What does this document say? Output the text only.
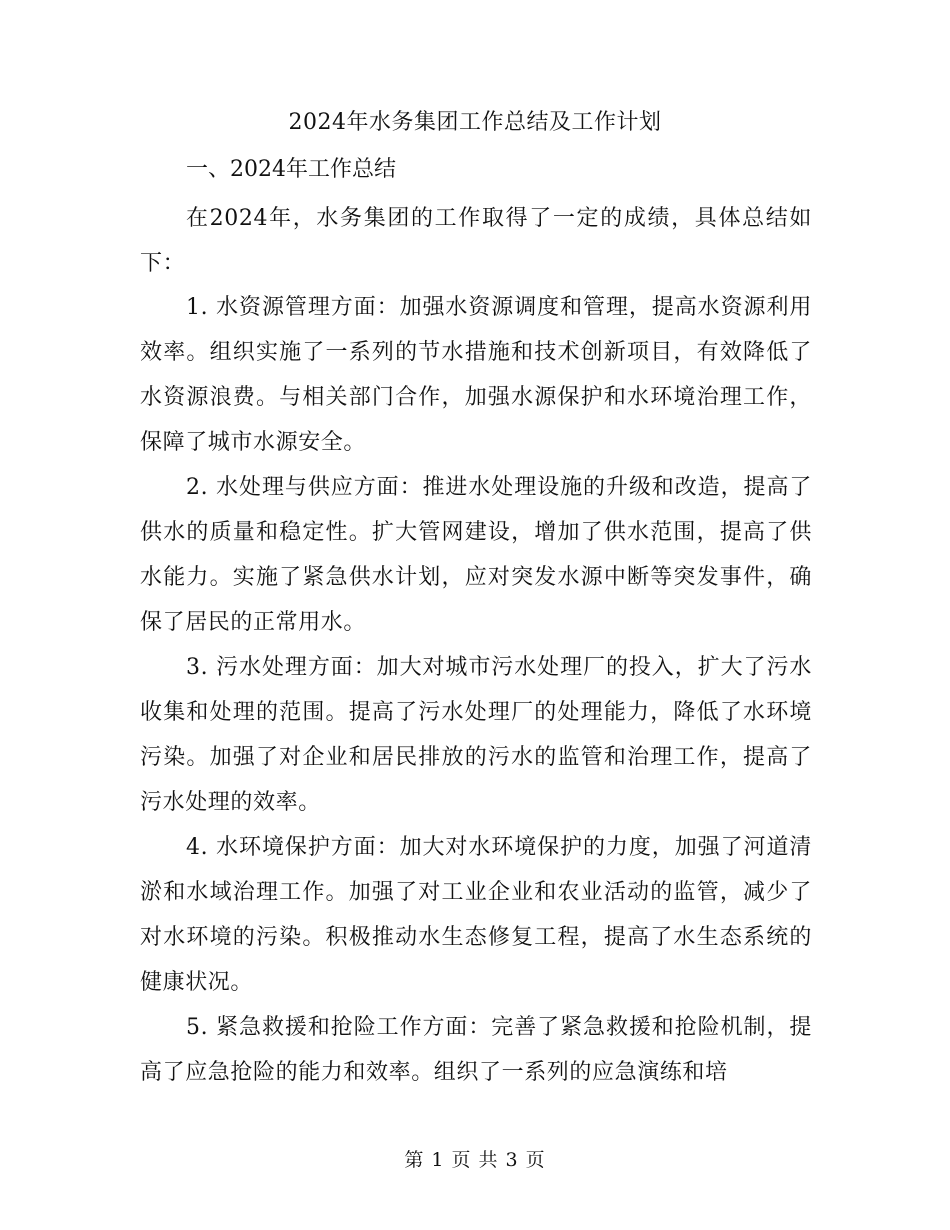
2024年水务集团工作总结及工作计划
一、2024年工作总结

在2024年，水务集团的工作取得了一定的成绩，具体总结如下：

1. 水资源管理方面：加强水资源调度和管理，提高水资源利用效率。组织实施了一系列的节水措施和技术创新项目，有效降低了水资源浪费。与相关部门合作，加强水源保护和水环境治理工作，保障了城市水源安全。

2. 水处理与供应方面：推进水处理设施的升级和改造，提高了供水的质量和稳定性。扩大管网建设，增加了供水范围，提高了供水能力。实施了紧急供水计划，应对突发水源中断等突发事件，确保了居民的正常用水。

3. 污水处理方面：加大对城市污水处理厂的投入，扩大了污水收集和处理的范围。提高了污水处理厂的处理能力，降低了水环境污染。加强了对企业和居民排放的污水的监管和治理工作，提高了污水处理的效率。

4. 水环境保护方面：加大对水环境保护的力度，加强了河道清淤和水域治理工作。加强了对工业企业和农业活动的监管，减少了对水环境的污染。积极推动水生态修复工程，提高了水生态系统的健康状况。

5. 紧急救援和抢险工作方面：完善了紧急救援和抢险机制，提高了应急抢险的能力和效率。组织了一系列的应急演练和培

第 1 页 共 3 页
